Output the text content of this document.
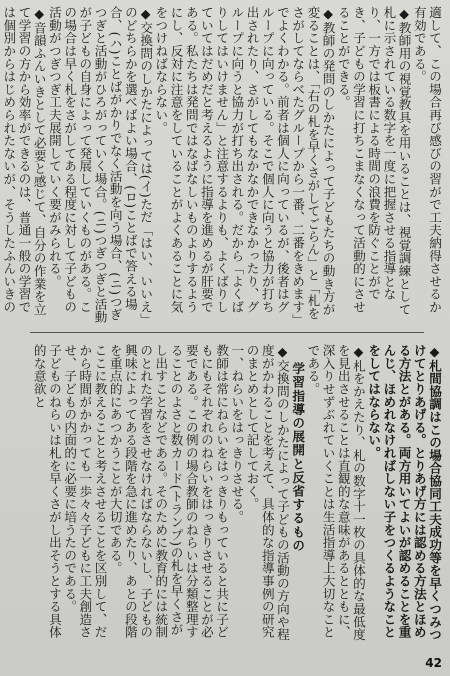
適して、この場合再び感びの習がで工夫納得させるか有効である。

◆教師用の視覚教具を用いることは、視覚調練として札に示されている数字を一度に把握させる指導となり、一方では板書による時間の浪費を防ぐことができ、子どもの学習に打ちこまなくなって活動的にさせることができる。

◆教師の発問のしかたによって子どもたちの動き方が変ることは、「右の札を早くさがしてごらん」と「札をさがしてならべたグループから一番、二番をきめます」でよくわかる。前者は個人に向っているが、後者はグループに向っている。そこで個人に向うと協力が打ち出されたり、さがしてもなかなかできなかったり、グループに向うと協力が打ち出される。だから「よくばりしてはいけません」と注意するよりも、よくばりしていてはだめだと考えるように指導を進めるが肝要である。私たちは発問ではなばなしいものよりするようにし、反対に注意をしていることがよくあることに気をつけねばならない。

◆交換問のしかたによっては(イ)ただ「はい、いいえ」のどちらかを選べばよい場合、(ロ)ことばで答える場合、(ハ)ことばがかりでなく活動を向う場合、(ニ)つぎつぎと活動がひろがっていく場合。(ニ)つぎつぎと活動が子どもの自身によって発展していくものがある。この場合は早く札をさがしてある程度に対して子どもの活動がつぎつぎ工夫展開していく要がみられる。

◆音韻ふんいきとして必要と感じて、自分の作業を立て学習の方から効率ができるのは、普通一般の学習では個別からはじめられたないが、そうしたふんいきの

◆札間協調はこの場合協同工夫成功等を早くつみつけてとりあげる。とりあげ方には認める方法とほめる方法とがある。両方用いてよいが認めることを重んじ、ほめれなければしない子をつくるようなことをしてはならない。

◆札をかえたり、札の数字十一枚の具体的な最低度を見出させることは直観的な意味があるとともに、深入りせずぶれていくことは生活指導上大切なことである。

学習指導の展開と反省するもの

◆交換問のしかたによって子どもの活動の方向や程度がかわることを考えて、具体的な指導事例の研究のまとめとして記しておく。

一、ねらいをはっきりさせる。

教師は常にねらいをはっきりもっていると共に子どもにもそれぞれのねらいをはっきりさせることが必要である。この例の場合教師のねらいは分類整理することのよさと数カード(トランプ)の札を早くさがし出すことなどである。そのために教育的には統制のとれた学習をさせなければならないし、子どもの興味によってある段階を急に進めたり、あとの段階を重点的にあつかうことが大切である。

ここに教えることと考えさせることを区別して、だから時間がかかっても一歩々々子どもに工夫創造させ、子どもの内面的に必要に培うたのである。

子どものねらいは札を早くさがし出そうとする具体的な意欲と

42
